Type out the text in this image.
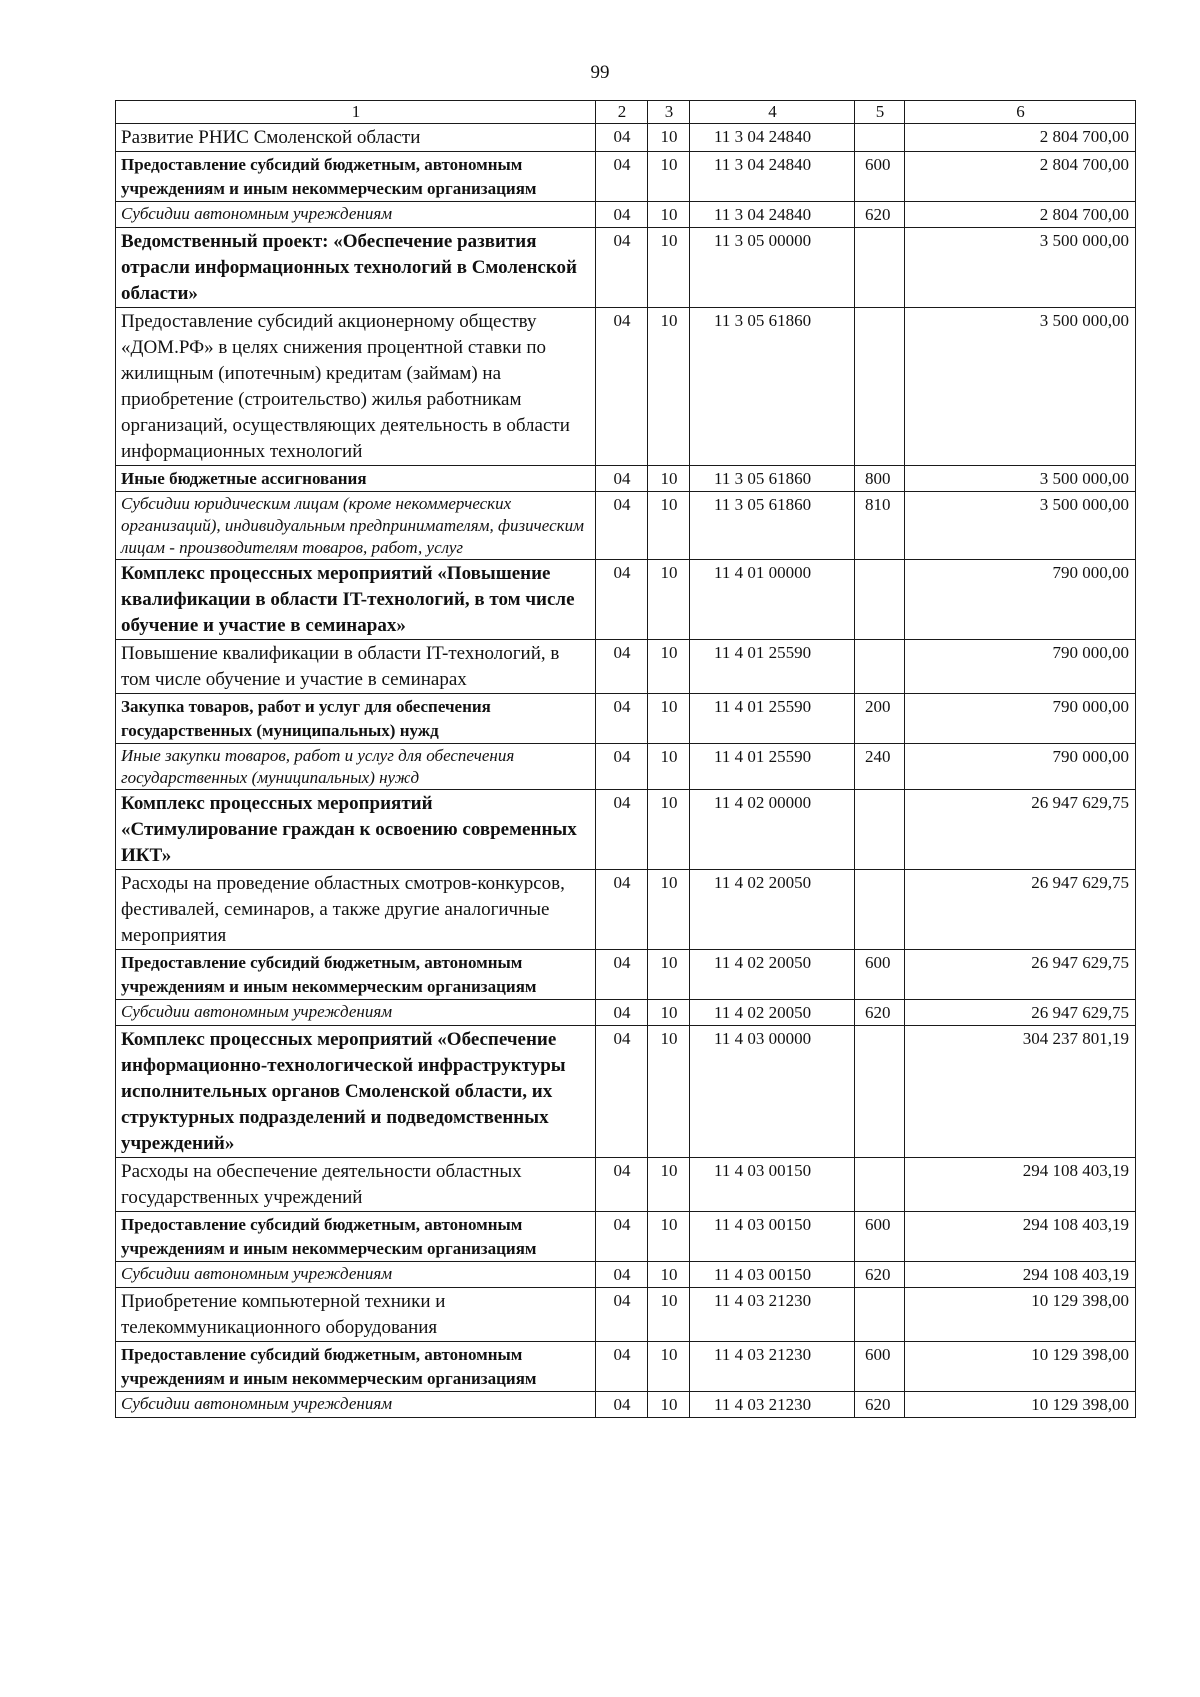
99
1	2	3	4	5	6
Развитие РНИС Смоленской области	04	10	11 3 04 24840		2 804 700,00
Предоставление субсидий бюджетным, автономным учреждениям и иным некоммерческим организациям	04	10	11 3 04 24840	600	2 804 700,00
Субсидии автономным учреждениям	04	10	11 3 04 24840	620	2 804 700,00
Ведомственный проект: «Обеспечение развития отрасли информационных технологий в Смоленской области»	04	10	11 3 05 00000		3 500 000,00
Предоставление субсидий акционерному обществу «ДОМ.РФ» в целях снижения процентной ставки по жилищным (ипотечным) кредитам (займам) на приобретение (строительство) жилья работникам организаций, осуществляющих деятельность в области информационных технологий	04	10	11 3 05 61860		3 500 000,00
Иные бюджетные ассигнования	04	10	11 3 05 61860	800	3 500 000,00
Субсидии юридическим лицам (кроме некоммерческих организаций), индивидуальным предпринимателям, физическим лицам - производителям товаров, работ, услуг	04	10	11 3 05 61860	810	3 500 000,00
Комплекс процессных мероприятий «Повышение квалификации в области IT-технологий, в том числе обучение и участие в семинарах»	04	10	11 4 01 00000		790 000,00
Повышение квалификации в области IT-технологий, в том числе обучение и участие в семинарах	04	10	11 4 01 25590		790 000,00
Закупка товаров, работ и услуг для обеспечения государственных (муниципальных) нужд	04	10	11 4 01 25590	200	790 000,00
Иные закупки товаров, работ и услуг для обеспечения государственных (муниципальных) нужд	04	10	11 4 01 25590	240	790 000,00
Комплекс процессных мероприятий «Стимулирование граждан к освоению современных ИКТ»	04	10	11 4 02 00000		26 947 629,75
Расходы на проведение областных смотров-конкурсов, фестивалей, семинаров, а также другие аналогичные мероприятия	04	10	11 4 02 20050		26 947 629,75
Предоставление субсидий бюджетным, автономным учреждениям и иным некоммерческим организациям	04	10	11 4 02 20050	600	26 947 629,75
Субсидии автономным учреждениям	04	10	11 4 02 20050	620	26 947 629,75
Комплекс процессных мероприятий «Обеспечение информационно-технологической инфраструктуры исполнительных органов Смоленской области, их структурных подразделений и подведомственных учреждений»	04	10	11 4 03 00000		304 237 801,19
Расходы на обеспечение деятельности областных государственных учреждений	04	10	11 4 03 00150		294 108 403,19
Предоставление субсидий бюджетным, автономным учреждениям и иным некоммерческим организациям	04	10	11 4 03 00150	600	294 108 403,19
Субсидии автономным учреждениям	04	10	11 4 03 00150	620	294 108 403,19
Приобретение компьютерной техники и телекоммуникационного оборудования	04	10	11 4 03 21230		10 129 398,00
Предоставление субсидий бюджетным, автономным учреждениям и иным некоммерческим организациям	04	10	11 4 03 21230	600	10 129 398,00
Субсидии автономным учреждениям	04	10	11 4 03 21230	620	10 129 398,00
